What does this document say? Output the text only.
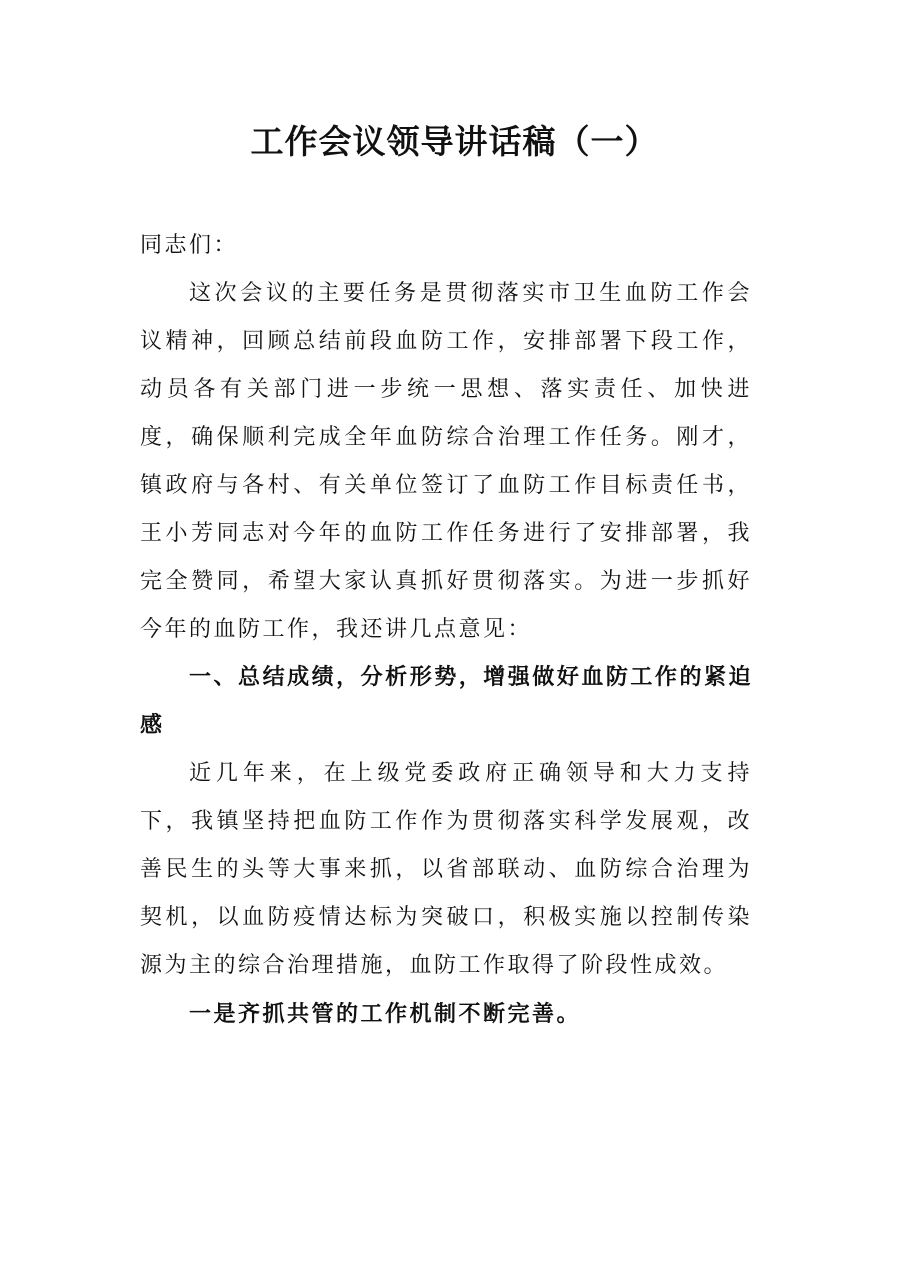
工作会议领导讲话稿（一）

同志们：

这次会议的主要任务是贯彻落实市卫生血防工作会议精神，回顾总结前段血防工作，安排部署下段工作，动员各有关部门进一步统一思想、落实责任、加快进度，确保顺利完成全年血防综合治理工作任务。刚才，镇政府与各村、有关单位签订了血防工作目标责任书，王小芳同志对今年的血防工作任务进行了安排部署，我完全赞同，希望大家认真抓好贯彻落实。为进一步抓好今年的血防工作，我还讲几点意见：

一、总结成绩，分析形势，增强做好血防工作的紧迫感

近几年来，在上级党委政府正确领导和大力支持下，我镇坚持把血防工作作为贯彻落实科学发展观，改善民生的头等大事来抓，以省部联动、血防综合治理为契机，以血防疫情达标为突破口，积极实施以控制传染源为主的综合治理措施，血防工作取得了阶段性成效。

一是齐抓共管的工作机制不断完善。
